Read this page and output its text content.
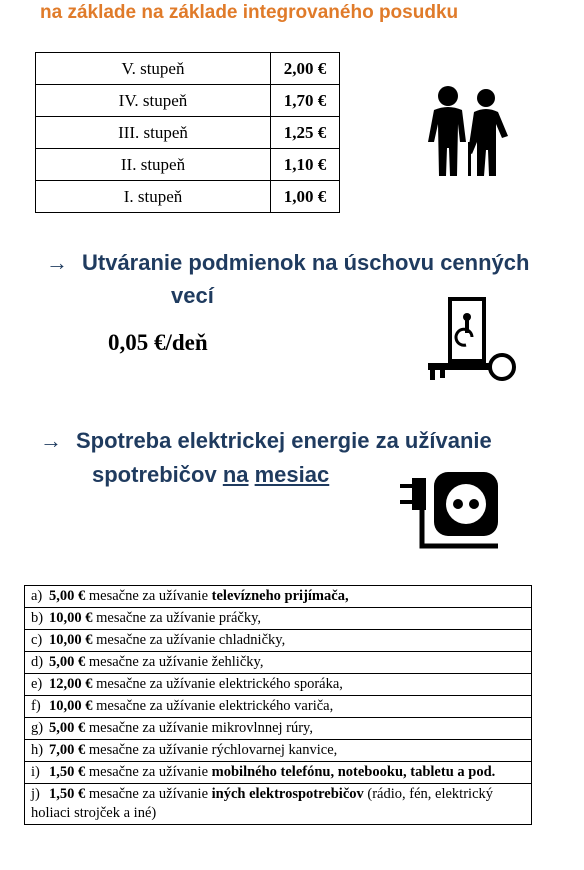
na základe na základe integrovaného posudku
V. stupeň	2,00 €
IV. stupeň	1,70 €
III. stupeň	1,25 €
II. stupeň	1,10 €
I. stupeň	1,00 €
→ Utváranie podmienok na úschovu cenných
vecí
0,05 €/deň
→ Spotreba elektrickej energie za užívanie
spotrebičov na mesiac
a) 5,00 € mesačne za užívanie televízneho prijímača,
b) 10,00 € mesačne za užívanie práčky,
c) 10,00 € mesačne za užívanie chladničky,
d) 5,00 € mesačne za užívanie žehličky,
e) 12,00 € mesačne za užívanie elektrického sporáka,
f) 10,00 € mesačne za užívanie elektrického variča,
g) 5,00 € mesačne za užívanie mikrovlnnej rúry,
h) 7,00 € mesačne za užívanie rýchlovarnej kanvice,
i) 1,50 € mesačne za užívanie mobilného telefónu, notebooku, tabletu a pod.
j) 1,50 € mesačne za užívanie iných elektrospotrebičov (rádio, fén, elektrický holiaci strojček a iné)
